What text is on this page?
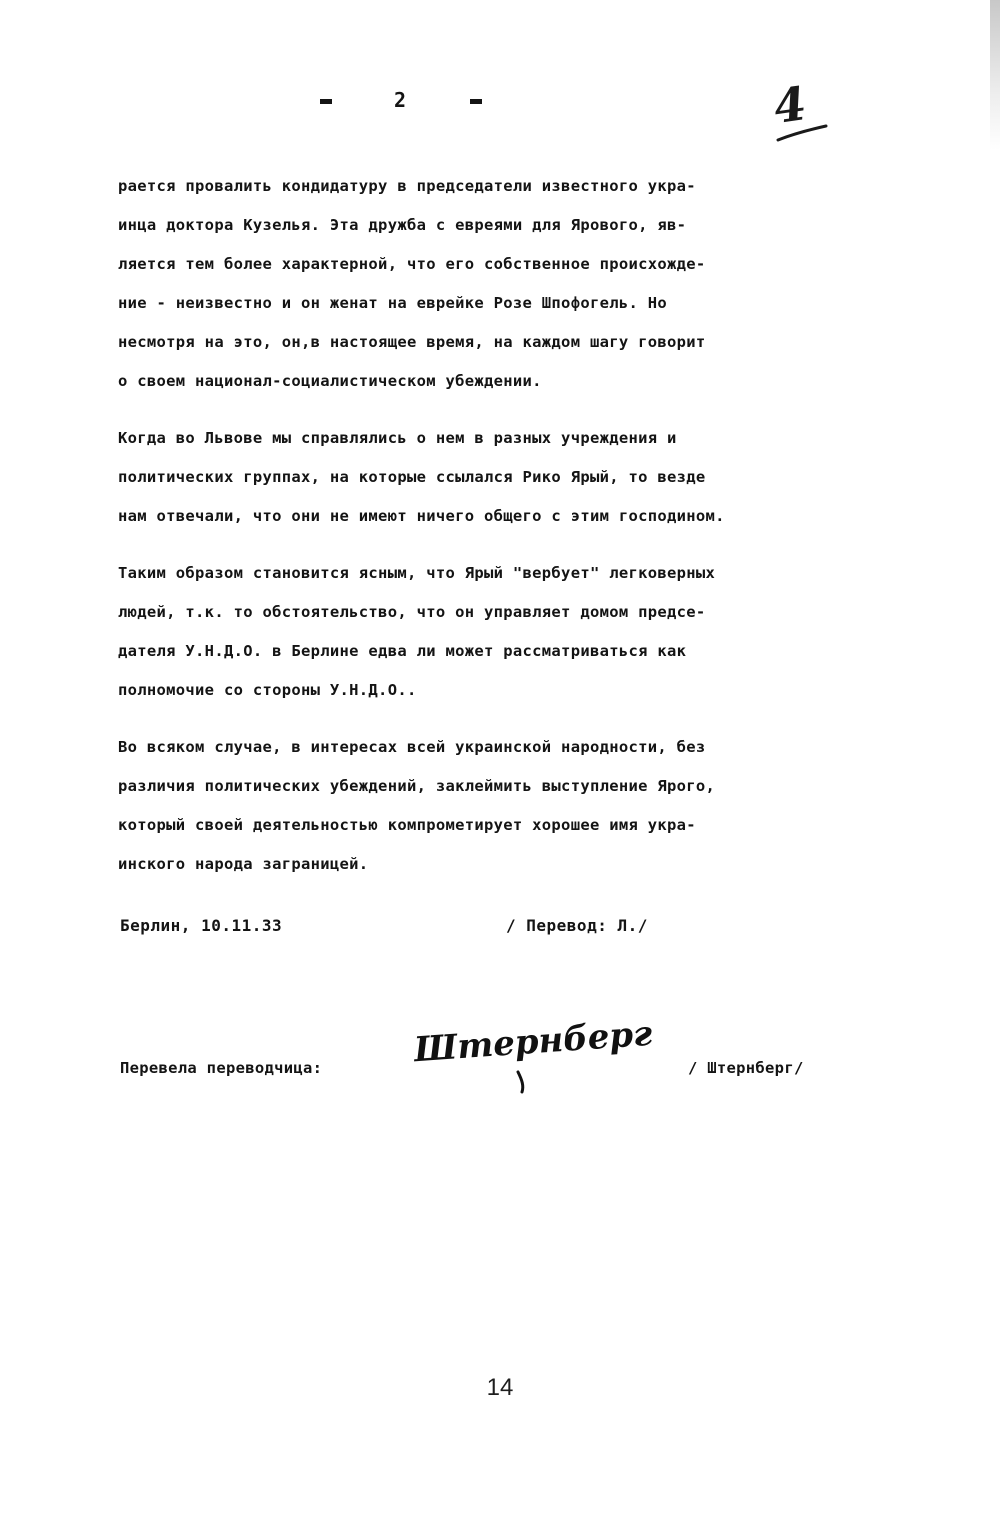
2	4
рается провалить кондидатуру в председатели известного укра-
инца доктора Кузелья. Эта дружба с евреями для Ярового, яв-
ляется тем более характерной, что его собственное происхожде-
ние - неизвестно и он женат на еврейке Розе Шпофогель. Но
несмотря на это, он,в настоящее время, на каждом шагу говорит
о своем национал-социалистическом убеждении.
Когда во Львове мы справлялись о нем в разных учреждения и
политических группах, на которые ссылался Рико Ярый, то везде
нам отвечали, что они не имеют ничего общего с этим господином.
Таким образом становится ясным, что Ярый "вербует" легковерных
людей, т.к. то обстоятельство, что он управляет домом предсе-
дателя У.Н.Д.О. в Берлине едва ли может рассматриваться как
полномочие со стороны У.Н.Д.О..
Во всяком случае, в интересах всей украинской народности, без
различия политических убеждений, заклеймить выступление Ярого,
который своей деятельностью компрометирует хорошее имя укра-
инского народа заграницей.
Берлин, 10.11.33	/ Перевод: Л./
Перевела переводчица:	Штернберг / Штернберг/
14
